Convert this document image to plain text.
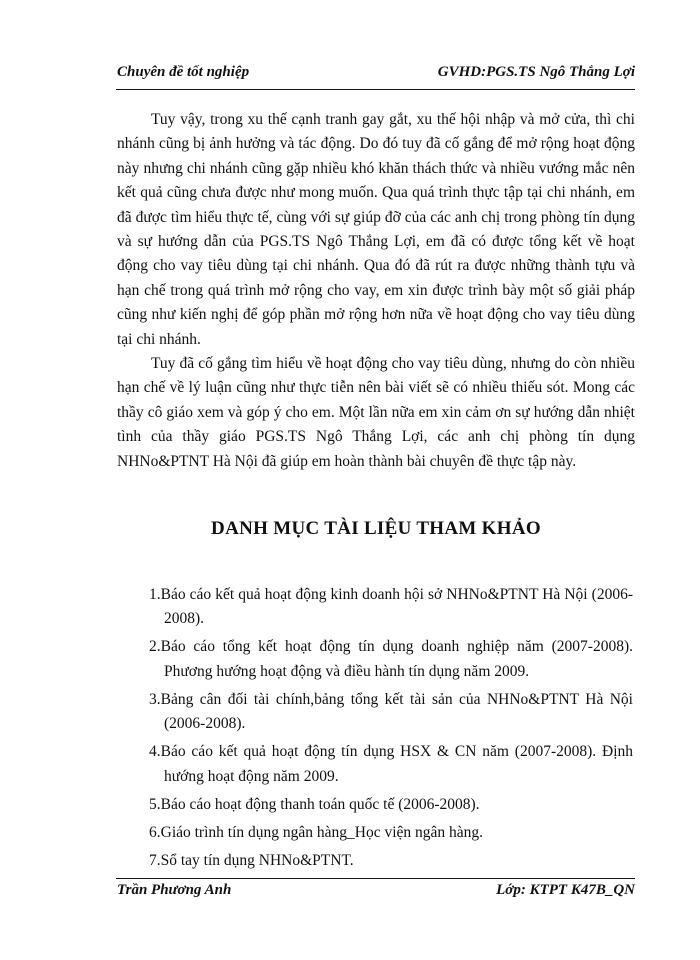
Chuyên đề tốt nghiệp	GVHD:PGS.TS Ngô Thắng Lợi

Tuy vậy, trong xu thế cạnh tranh gay gắt, xu thế hội nhập và mở cửa, thì chi nhánh cũng bị ảnh hưởng và tác động. Do đó tuy đã cố gắng để mở rộng hoạt động này nhưng chi nhánh cũng gặp nhiều khó khăn thách thức và nhiều vướng mắc nên kết quả cũng chưa được như mong muốn. Qua quá trình thực tập tại chi nhánh, em đã được tìm hiểu thực tế, cùng với sự giúp đỡ của các anh chị trong phòng tín dụng và sự hướng dẫn của PGS.TS Ngô Thắng Lợi, em đã có được tổng kết về hoạt động cho vay tiêu dùng tại chi nhánh. Qua đó đã rút ra được những thành tựu và hạn chế trong quá trình mở rộng cho vay, em xin được trình bày một số giải pháp cũng như kiến nghị để góp phần mở rộng hơn nữa về hoạt động cho vay tiêu dùng tại chi nhánh.

Tuy đã cố gắng tìm hiểu về hoạt động cho vay tiêu dùng, nhưng do còn nhiều hạn chế về lý luận cũng như thực tiễn nên bài viết sẽ có nhiều thiếu sót. Mong các thầy cô giáo xem và góp ý cho em. Một lần nữa em xin cảm ơn sự hướng dẫn nhiệt tình của thầy giáo PGS.TS Ngô Thắng Lợi, các anh chị phòng tín dụng NHNo&PTNT Hà Nội đã giúp em hoàn thành bài chuyên đề thực tập này.

DANH MỤC TÀI LIỆU THAM KHẢO
1.Báo cáo kết quả hoạt động kinh doanh hội sở NHNo&PTNT Hà Nội (2006-2008).
2.Báo cáo tổng kết hoạt động tín dụng doanh nghiệp năm (2007-2008). Phương hướng hoạt động và điều hành tín dụng năm 2009.
3.Bảng cân đối tài chính,bảng tổng kết tài sản của NHNo&PTNT Hà Nội (2006-2008).
4.Báo cáo kết quả hoạt động tín dụng HSX & CN năm (2007-2008). Định hướng hoạt động năm 2009.
5.Báo cáo hoạt động thanh toán quốc tế (2006-2008).
6.Giáo trình tín dụng ngân hàng_Học viện ngân hàng.
7.Sổ tay tín dụng NHNo&PTNT.
Trần Phương Anh	Lớp: KTPT K47B_QN
